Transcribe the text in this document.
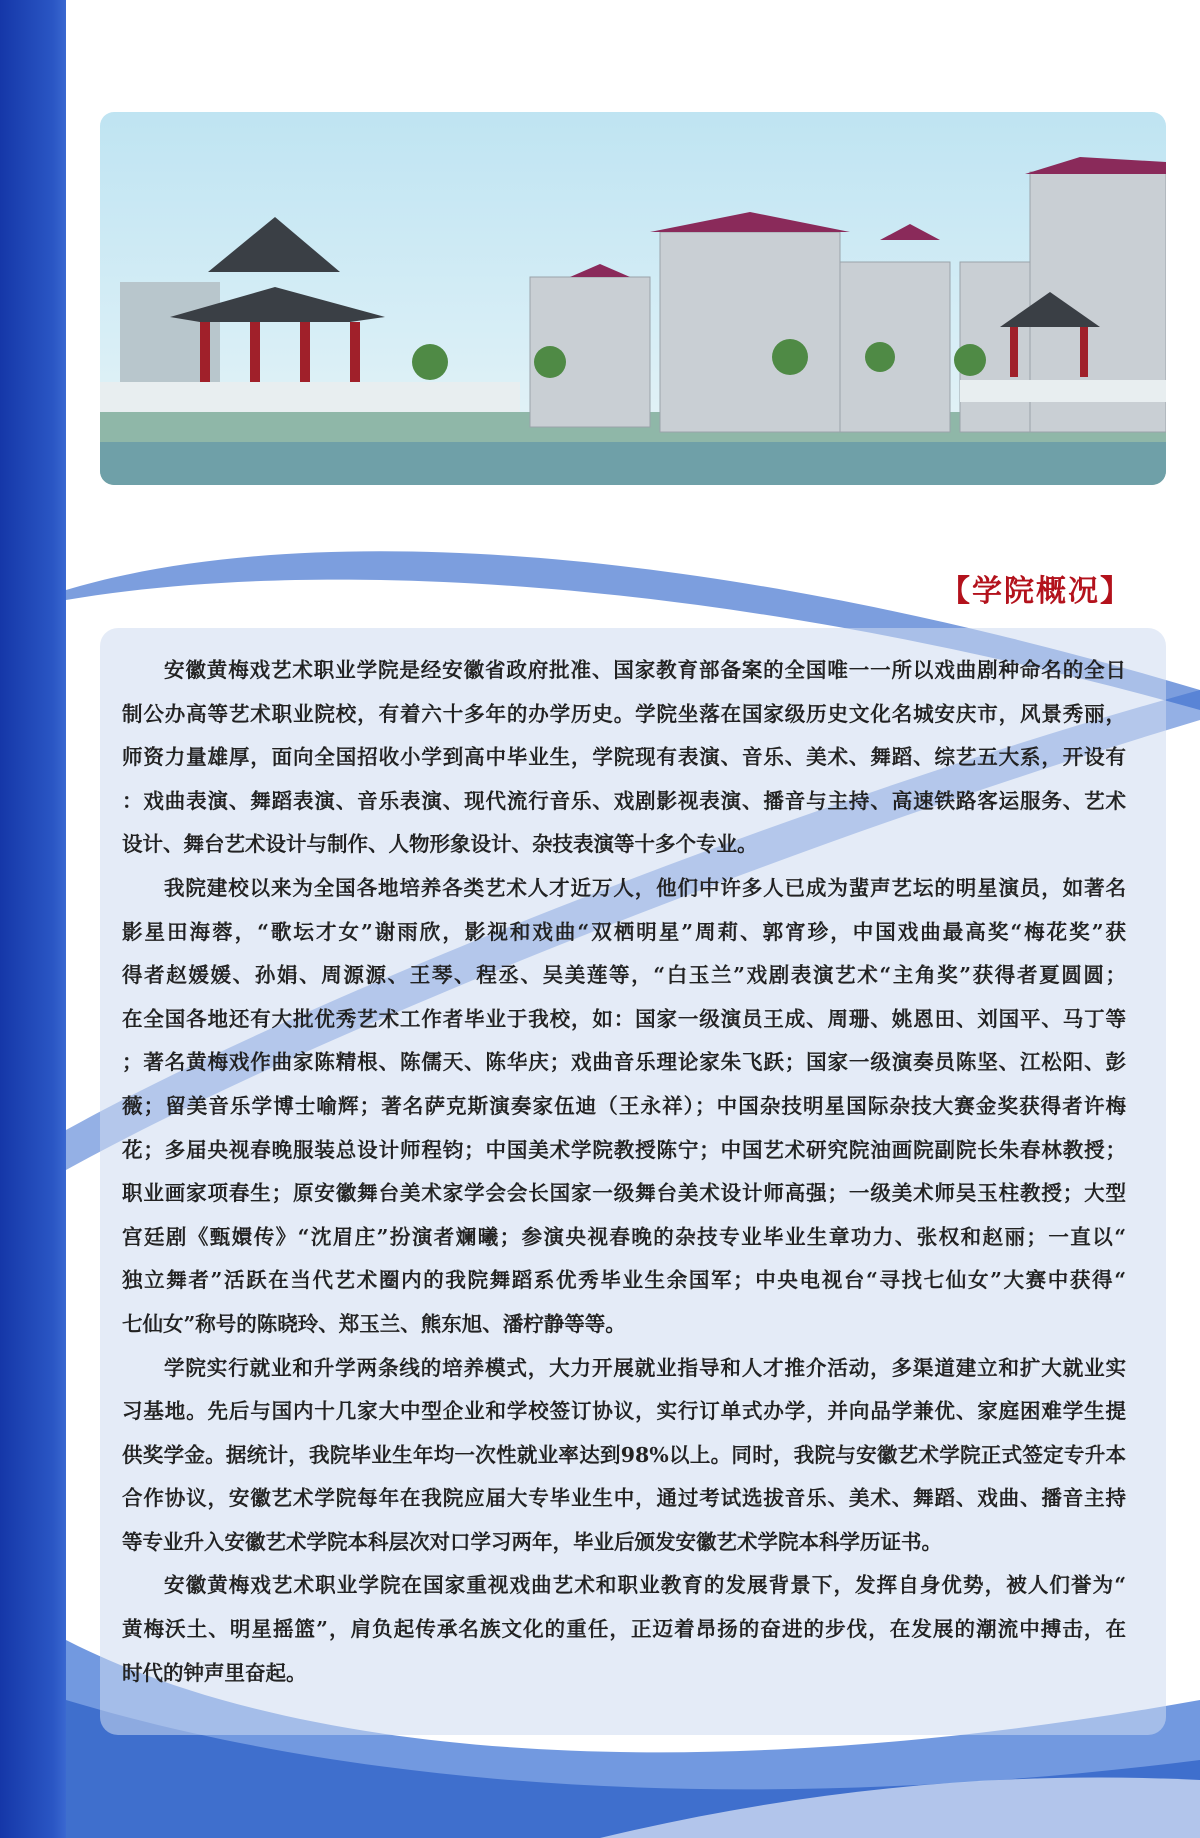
【学院概况】
安徽黄梅戏艺术职业学院是经安徽省政府批准、国家教育部备案的全国唯一一所以戏曲剧种命名的全日
制公办高等艺术职业院校，有着六十多年的办学历史。学院坐落在国家级历史文化名城安庆市，风景秀丽，
师资力量雄厚，面向全国招收小学到高中毕业生，学院现有表演、音乐、美术、舞蹈、综艺五大系，开设有
：戏曲表演、舞蹈表演、音乐表演、现代流行音乐、戏剧影视表演、播音与主持、高速铁路客运服务、艺术
设计、舞台艺术设计与制作、人物形象设计、杂技表演等十多个专业。
我院建校以来为全国各地培养各类艺术人才近万人，他们中许多人已成为蜚声艺坛的明星演员，如著名
影星田海蓉，“歌坛才女”谢雨欣，影视和戏曲“双栖明星”周莉、郭宵珍，中国戏曲最高奖“梅花奖”获
得者赵媛媛、孙娟、周源源、王琴、程丞、吴美莲等，“白玉兰”戏剧表演艺术“主角奖”获得者夏圆圆；
在全国各地还有大批优秀艺术工作者毕业于我校，如：国家一级演员王成、周珊、姚恩田、刘国平、马丁等
；著名黄梅戏作曲家陈精根、陈儒天、陈华庆；戏曲音乐理论家朱飞跃；国家一级演奏员陈坚、江松阳、彭
薇；留美音乐学博士喻辉；著名萨克斯演奏家伍迪（王永祥）；中国杂技明星国际杂技大赛金奖获得者许梅
花；多届央视春晚服装总设计师程钧；中国美术学院教授陈宁；中国艺术研究院油画院副院长朱春林教授；
职业画家项春生；原安徽舞台美术家学会会长国家一级舞台美术设计师高强；一级美术师吴玉柱教授；大型
宫廷剧《甄嬛传》“沈眉庄”扮演者斓曦；参演央视春晚的杂技专业毕业生章功力、张权和赵丽；一直以“
独立舞者”活跃在当代艺术圈内的我院舞蹈系优秀毕业生余国军；中央电视台“寻找七仙女”大赛中获得“
七仙女”称号的陈晓玲、郑玉兰、熊东旭、潘柠静等等。
学院实行就业和升学两条线的培养模式，大力开展就业指导和人才推介活动，多渠道建立和扩大就业实
习基地。先后与国内十几家大中型企业和学校签订协议，实行订单式办学，并向品学兼优、家庭困难学生提
供奖学金。据统计，我院毕业生年均一次性就业率达到98%以上。同时，我院与安徽艺术学院正式签定专升本
合作协议，安徽艺术学院每年在我院应届大专毕业生中，通过考试选拔音乐、美术、舞蹈、戏曲、播音主持
等专业升入安徽艺术学院本科层次对口学习两年，毕业后颁发安徽艺术学院本科学历证书。
安徽黄梅戏艺术职业学院在国家重视戏曲艺术和职业教育的发展背景下，发挥自身优势，被人们誉为“
黄梅沃土、明星摇篮”，肩负起传承名族文化的重任，正迈着昂扬的奋进的步伐，在发展的潮流中搏击，在
时代的钟声里奋起。
